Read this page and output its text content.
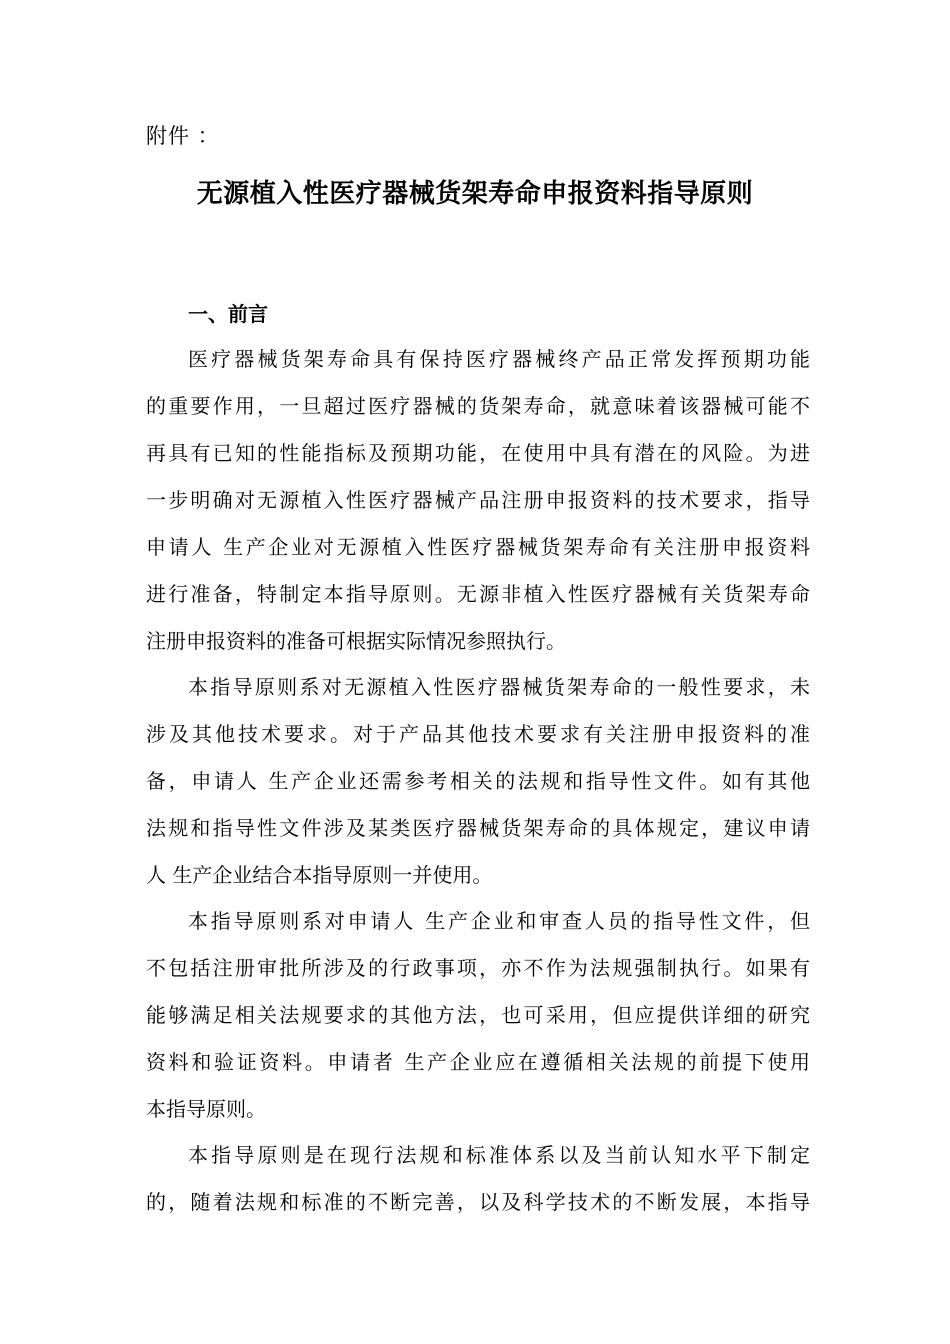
附件 ：
无源植入性医疗器械货架寿命申报资料指导原则
一、前言
医疗器械货架寿命具有保持医疗器械终产品正常发挥预期功能
的重要作用，一旦超过医疗器械的货架寿命，就意味着该器械可能不
再具有已知的性能指标及预期功能，在使用中具有潜在的风险。为进
一步明确对无源植入性医疗器械产品注册申报资料的技术要求，指导
申请人 生产企业对无源植入性医疗器械货架寿命有关注册申报资料
进行准备，特制定本指导原则。无源非植入性医疗器械有关货架寿命
注册申报资料的准备可根据实际情况参照执行。
本指导原则系对无源植入性医疗器械货架寿命的一般性要求，未
涉及其他技术要求。对于产品其他技术要求有关注册申报资料的准
备，申请人 生产企业还需参考相关的法规和指导性文件。如有其他
法规和指导性文件涉及某类医疗器械货架寿命的具体规定，建议申请
人 生产企业结合本指导原则一并使用。
本指导原则系对申请人 生产企业和审查人员的指导性文件，但
不包括注册审批所涉及的行政事项，亦不作为法规强制执行。如果有
能够满足相关法规要求的其他方法，也可采用，但应提供详细的研究
资料和验证资料。申请者 生产企业应在遵循相关法规的前提下使用
本指导原则。
本指导原则是在现行法规和标准体系以及当前认知水平下制定
的，随着法规和标准的不断完善，以及科学技术的不断发展，本指导
